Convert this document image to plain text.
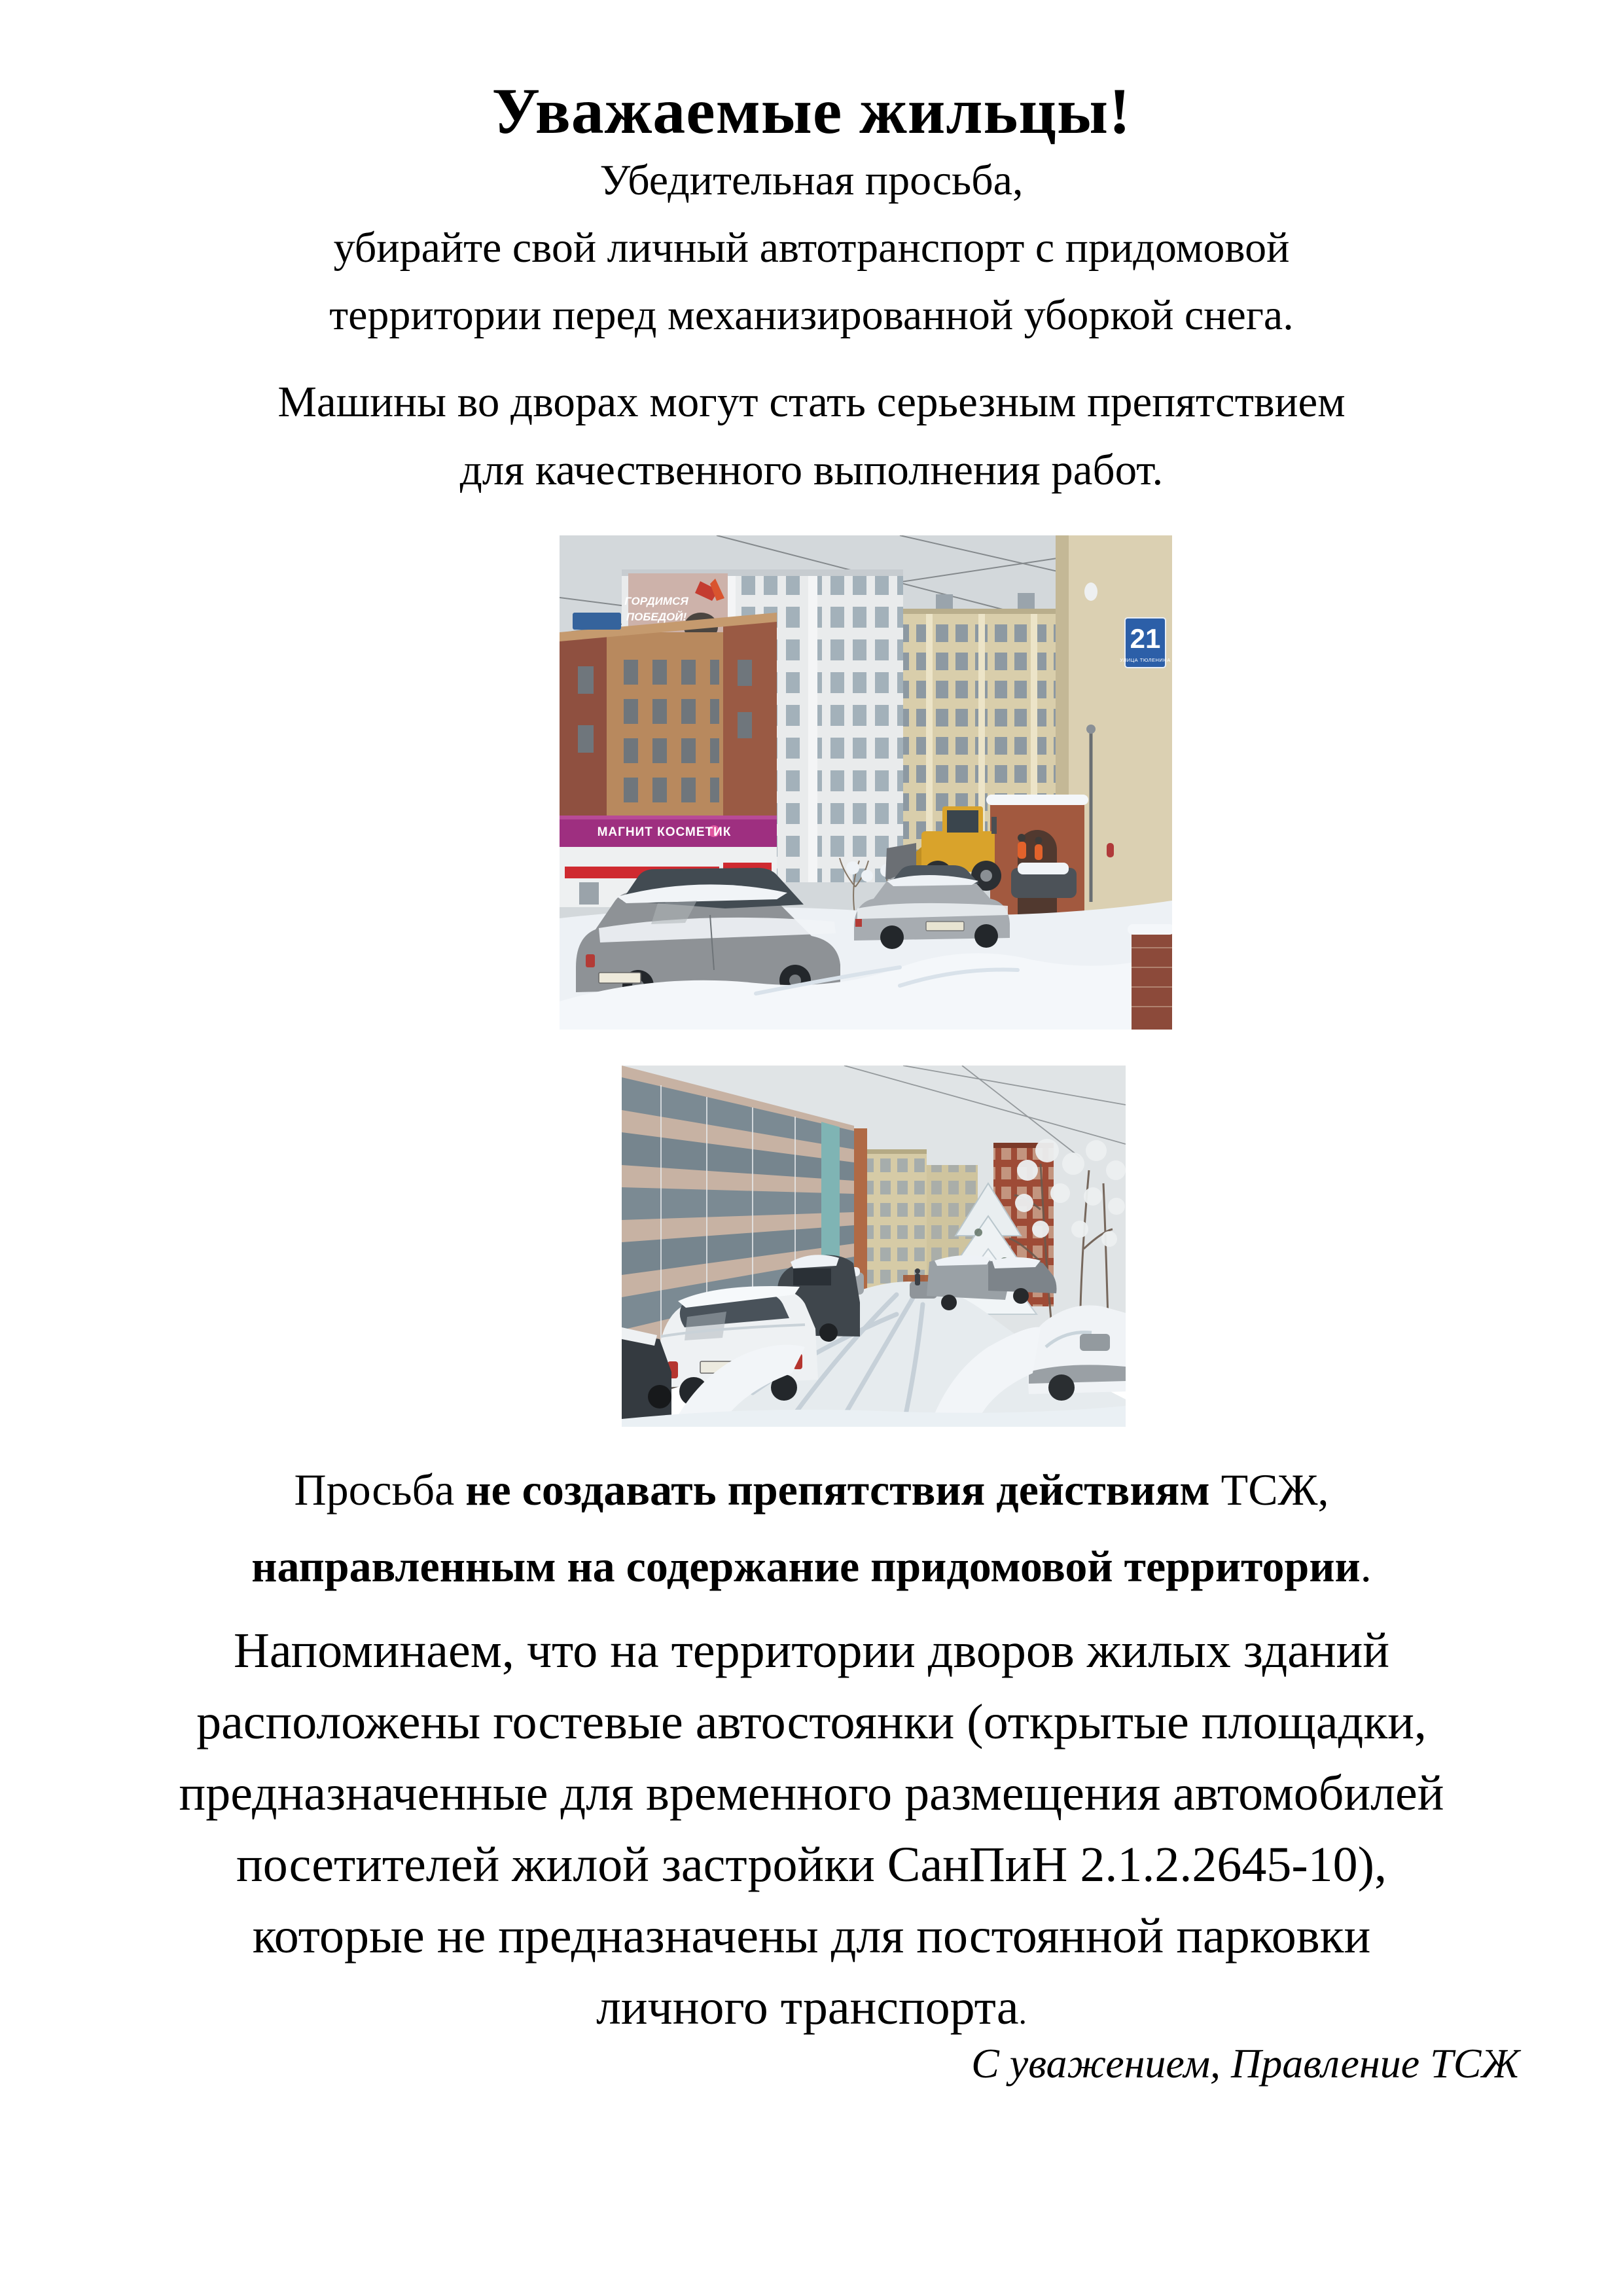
Уважаемые жильцы!
Убедительная просьба,
убирайте свой личный автотранспорт с придомовой
территории перед механизированной уборкой снега.
Машины во дворах могут стать серьезным препятствием
для качественного выполнения работ.
ГОРДИМСЯ
ПОБЕДОЙ!
21
УЛИЦА ТЮЛЕНИНА
МАГНИТ КОСМЕТИК
Просьба не создавать препятствия действиям ТСЖ,
направленным на содержание придомовой территории.
Напоминаем, что на территории дворов жилых зданий
расположены гостевые автостоянки (открытые площадки,
предназначенные для временного размещения автомобилей
посетителей жилой застройки СанПиН 2.1.2.2645-10),
которые не предназначены для постоянной парковки
личного транспорта.
С уважением, Правление ТСЖ
